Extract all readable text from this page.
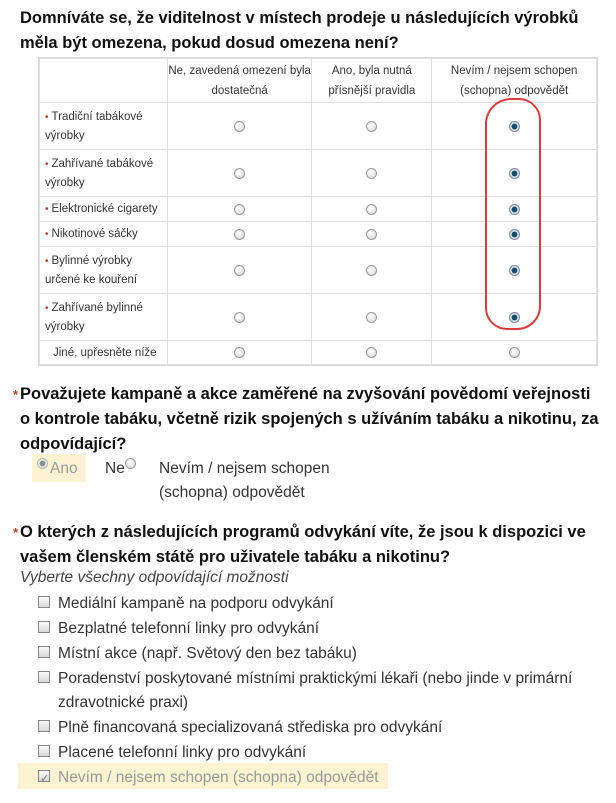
Domníváte se, že viditelnost v místech prodeje u následujících výrobků měla být omezena, pokud dosud omezena není?
	Ne, zavedená omezení byla dostatečná	Ano, byla nutná přísnější pravidla	Nevím / nejsem schopen (schopna) odpovědět
• Tradiční tabákové výrobky			
• Zahřívané tabákové výrobky			
• Elektronické cigarety			
• Nikotinové sáčky			
• Bylinné výrobky určené ke kouření			
• Zahřívané bylinné výrobky			
Jiné, upřesněte níže			
* Považujete kampaně a akce zaměřené na zvyšování povědomí veřejnosti o kontrole tabáku, včetně rizik spojených s užíváním tabáku a nikotinu, za odpovídající?
Ano Ne	Nevím / nejsem schopen (schopna) odpovědět
* O kterých z následujících programů odvykání víte, že jsou k dispozici ve vašem členském státě pro uživatele tabáku a nikotinu?
Vyberte všechny odpovídající možnosti
Mediální kampaně na podporu odvykání
Bezplatné telefonní linky pro odvykání
Místní akce (např. Světový den bez tabáku)
Poradenství poskytované místními praktickými lékaři (nebo jinde v primární zdravotnické praxi)
Plně financovaná specializovaná střediska pro odvykání
Placené telefonní linky pro odvykání
✓
Nevím / nejsem schopen (schopna) odpovědět
